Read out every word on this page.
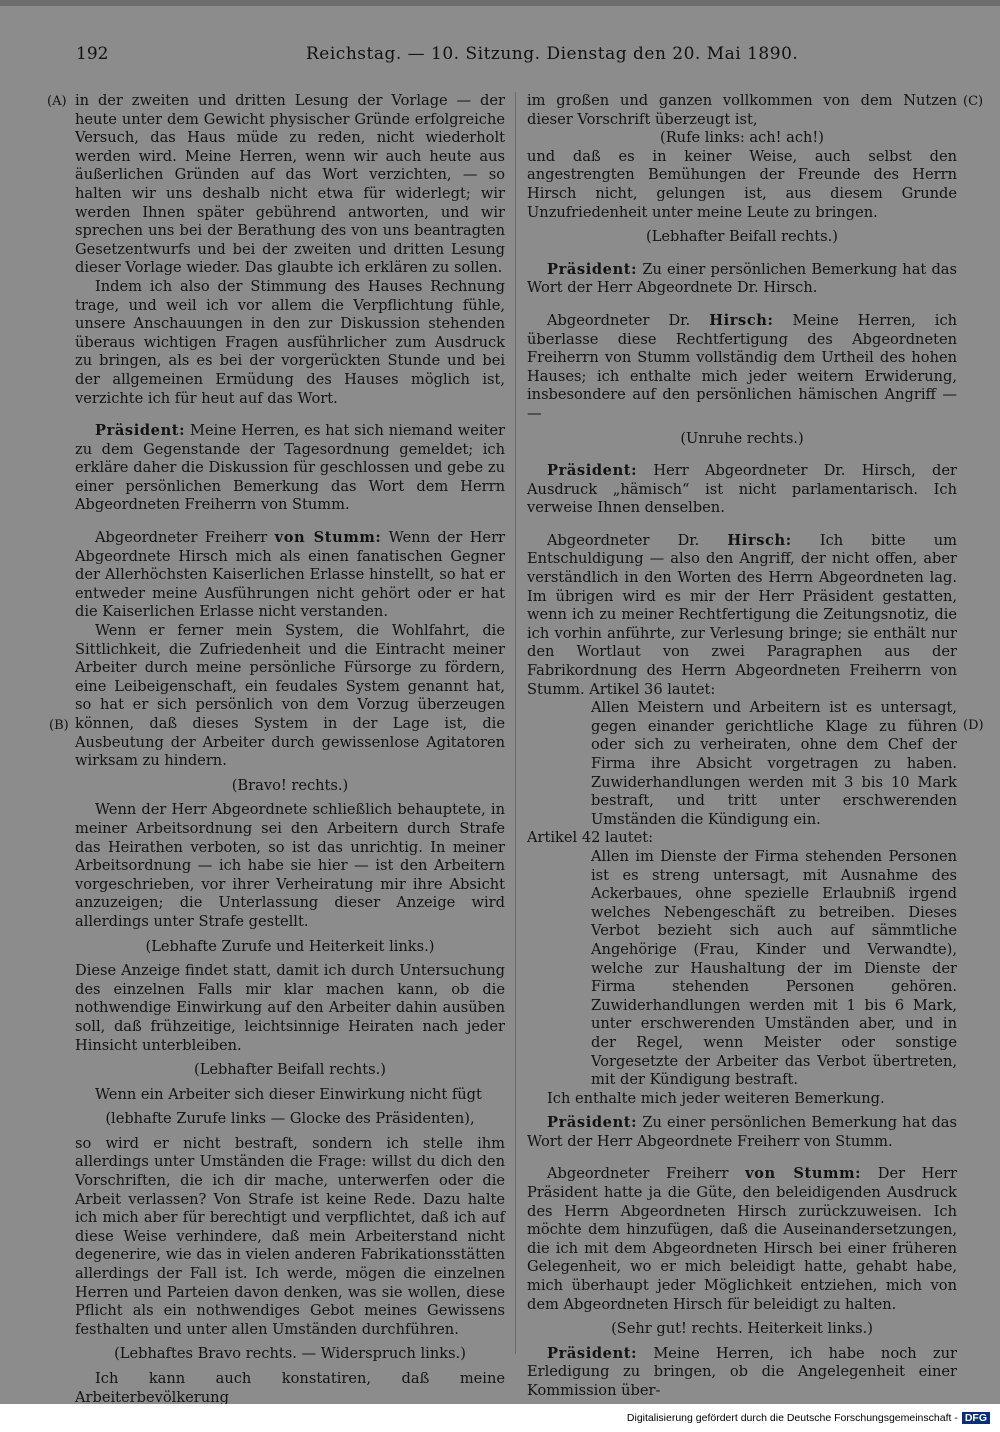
192	Reichstag. — 10. Sitzung. Dienstag den 20. Mai 1890.
(A)
(B)
(C)
(D)

in der zweiten und dritten Lesung der Vorlage — der heute unter dem Gewicht physischer Gründe erfolgreiche Versuch, das Haus müde zu reden, nicht wiederholt werden wird. Meine Herren, wenn wir auch heute aus äußerlichen Gründen auf das Wort verzichten, — so halten wir uns deshalb nicht etwa für widerlegt; wir werden Ihnen später gebührend antworten, und wir sprechen uns bei der Berathung des von uns beantragten Gesetzentwurfs und bei der zweiten und dritten Lesung dieser Vorlage wieder. Das glaubte ich erklären zu sollen.

Indem ich also der Stimmung des Hauses Rechnung trage, und weil ich vor allem die Verpflichtung fühle, unsere Anschauungen in den zur Diskussion stehenden überaus wichtigen Fragen ausführlicher zum Ausdruck zu bringen, als es bei der vorgerückten Stunde und bei der allgemeinen Ermüdung des Hauses möglich ist, verzichte ich für heut auf das Wort.

Präsident: Meine Herren, es hat sich niemand weiter zu dem Gegenstande der Tagesordnung gemeldet; ich erkläre daher die Diskussion für geschlossen und gebe zu einer persönlichen Bemerkung das Wort dem Herrn Abgeordneten Freiherrn von Stumm.

Abgeordneter Freiherr von Stumm: Wenn der Herr Abgeordnete Hirsch mich als einen fanatischen Gegner der Allerhöchsten Kaiserlichen Erlasse hinstellt, so hat er entweder meine Ausführungen nicht gehört oder er hat die Kaiserlichen Erlasse nicht verstanden.

Wenn er ferner mein System, die Wohlfahrt, die Sittlichkeit, die Zufriedenheit und die Eintracht meiner Arbeiter durch meine persönliche Fürsorge zu fördern, eine Leibeigenschaft, ein feudales System genannt hat, so hat er sich persönlich von dem Vorzug überzeugen können, daß dieses System in der Lage ist, die Ausbeutung der Arbeiter durch gewissenlose Agitatoren wirksam zu hindern.

(Bravo! rechts.)

Wenn der Herr Abgeordnete schließlich behauptete, in meiner Arbeitsordnung sei den Arbeitern durch Strafe das Heirathen verboten, so ist das unrichtig. In meiner Arbeitsordnung — ich habe sie hier — ist den Arbeitern vorgeschrieben, vor ihrer Verheiratung mir ihre Absicht anzuzeigen; die Unterlassung dieser Anzeige wird allerdings unter Strafe gestellt.

(Lebhafte Zurufe und Heiterkeit links.)

Diese Anzeige findet statt, damit ich durch Untersuchung des einzelnen Falls mir klar machen kann, ob die nothwendige Einwirkung auf den Arbeiter dahin ausüben soll, daß frühzeitige, leichtsinnige Heiraten nach jeder Hinsicht unterbleiben.

(Lebhafter Beifall rechts.)

Wenn ein Arbeiter sich dieser Einwirkung nicht fügt

(lebhafte Zurufe links — Glocke des Präsidenten),

so wird er nicht bestraft, sondern ich stelle ihm allerdings unter Umständen die Frage: willst du dich den Vorschriften, die ich dir mache, unterwerfen oder die Arbeit verlassen? Von Strafe ist keine Rede. Dazu halte ich mich aber für berechtigt und verpflichtet, daß ich auf diese Weise verhindere, daß mein Arbeiterstand nicht degenerire, wie das in vielen anderen Fabrikationsstätten allerdings der Fall ist. Ich werde, mögen die einzelnen Herren und Parteien davon denken, was sie wollen, diese Pflicht als ein nothwendiges Gebot meines Gewissens festhalten und unter allen Umständen durchführen.

(Lebhaftes Bravo rechts. — Widerspruch links.)

Ich kann auch konstatiren, daß meine Arbeiterbevölkerung

im großen und ganzen vollkommen von dem Nutzen dieser Vorschrift überzeugt ist,

(Rufe links: ach! ach!)

und daß es in keiner Weise, auch selbst den angestrengten Bemühungen der Freunde des Herrn Hirsch nicht, gelungen ist, aus diesem Grunde Unzufriedenheit unter meine Leute zu bringen.

(Lebhafter Beifall rechts.)

Präsident: Zu einer persönlichen Bemerkung hat das Wort der Herr Abgeordnete Dr. Hirsch.

Abgeordneter Dr. Hirsch: Meine Herren, ich überlasse diese Rechtfertigung des Abgeordneten Freiherrn von Stumm vollständig dem Urtheil des hohen Hauses; ich enthalte mich jeder weitern Erwiderung, insbesondere auf den persönlichen hämischen Angriff — —

(Unruhe rechts.)

Präsident: Herr Abgeordneter Dr. Hirsch, der Ausdruck „hämisch“ ist nicht parlamentarisch. Ich verweise Ihnen denselben.

Abgeordneter Dr. Hirsch: Ich bitte um Entschuldigung — also den Angriff, der nicht offen, aber verständlich in den Worten des Herrn Abgeordneten lag. Im übrigen wird es mir der Herr Präsident gestatten, wenn ich zu meiner Rechtfertigung die Zeitungsnotiz, die ich vorhin anführte, zur Verlesung bringe; sie enthält nur den Wortlaut von zwei Paragraphen aus der Fabrikordnung des Herrn Abgeordneten Freiherrn von Stumm. Artikel 36 lautet:

Allen Meistern und Arbeitern ist es untersagt, gegen einander gerichtliche Klage zu führen oder sich zu verheiraten, ohne dem Chef der Firma ihre Absicht vorgetragen zu haben. Zuwiderhandlungen werden mit 3 bis 10 Mark bestraft, und tritt unter erschwerenden Umständen die Kündigung ein.

Artikel 42 lautet:

Allen im Dienste der Firma stehenden Personen ist es streng untersagt, mit Ausnahme des Ackerbaues, ohne spezielle Erlaubniß irgend welches Nebengeschäft zu betreiben. Dieses Verbot bezieht sich auch auf sämmtliche Angehörige (Frau, Kinder und Verwandte), welche zur Haushaltung der im Dienste der Firma stehenden Personen gehören. Zuwiderhandlungen werden mit 1 bis 6 Mark, unter erschwerenden Umständen aber, und in der Regel, wenn Meister oder sonstige Vorgesetzte der Arbeiter das Verbot übertreten, mit der Kündigung bestraft.

Ich enthalte mich jeder weiteren Bemerkung.

Präsident: Zu einer persönlichen Bemerkung hat das Wort der Herr Abgeordnete Freiherr von Stumm.

Abgeordneter Freiherr von Stumm: Der Herr Präsident hatte ja die Güte, den beleidigenden Ausdruck des Herrn Abgeordneten Hirsch zurückzuweisen. Ich möchte dem hinzufügen, daß die Auseinandersetzungen, die ich mit dem Abgeordneten Hirsch bei einer früheren Gelegenheit, wo er mich beleidigt hatte, gehabt habe, mich überhaupt jeder Möglichkeit entziehen, mich von dem Abgeordneten Hirsch für beleidigt zu halten.

(Sehr gut! rechts. Heiterkeit links.)

Präsident: Meine Herren, ich habe noch zur Erledigung zu bringen, ob die Angelegenheit einer Kommission über-

Digitalisierung gefördert durch die Deutsche Forschungsgemeinschaft - DFG
